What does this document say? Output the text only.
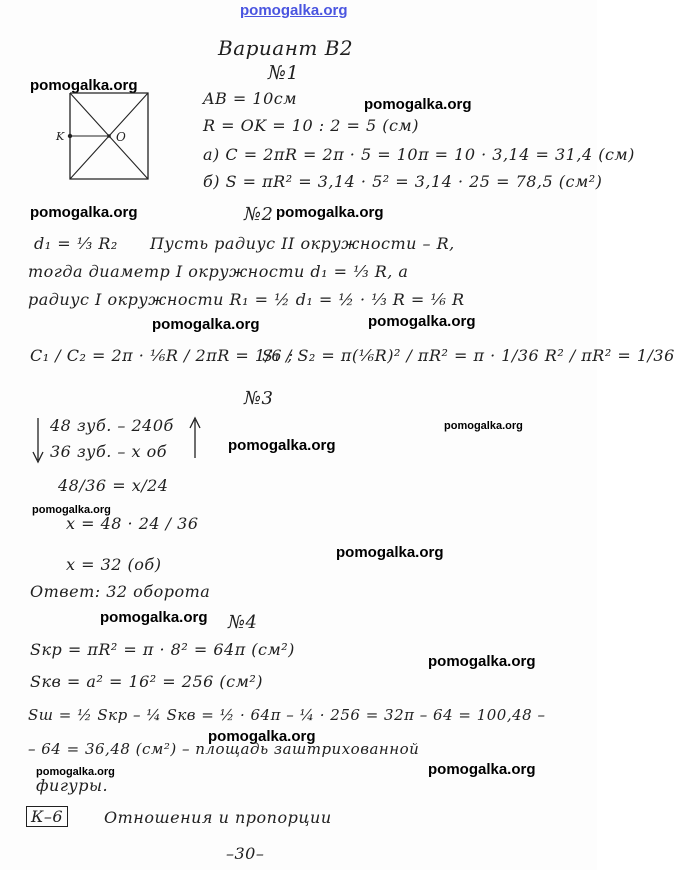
pomogalka.org
Вариант В2
№1
pomogalka.org
AB = 10см	pomogalka.org
R = OK = 10 : 2 = 5 (см)
а) C = 2πR = 2π · 5 = 10π = 10 · 3,14 = 31,4 (см)
б) S = πR² = 3,14 · 5² = 3,14 · 25 = 78,5 (см²)
K	O
pomogalka.org	№2 pomogalka.org
d₁ = ⅓ R₂ Пусть радиус II окружности – R,
тогда диаметр I окружности d₁ = ⅓ R, а
радиус I окружности R₁ = ½ d₁ = ½ · ⅓ R = ⅙ R
pomogalka.org	pomogalka.org
C₁ / C₂ = 2π · ⅙R / 2πR = 1/6 ;
S₁ / S₂ = π(⅙R)² / πR² = π · 1/36 R² / πR² = 1/36
№3
pomogalka.org
48 зуб. – 240б
36 зуб. – x об	pomogalka.org
48/36 = x/24
pomogalka.org
x = 48 · 24 / 36
pomogalka.org
x = 32 (об)
Ответ: 32 оборота
pomogalka.org №4
Sкр = πR² = π · 8² = 64π (см²)
pomogalka.org
Sкв = a² = 16² = 256 (см²)
Sш = ½ Sкр – ¼ Sкв = ½ · 64π – ¼ · 256 = 32π – 64 = 100,48 –
pomogalka.org
– 64 = 36,48 (см²) – площадь заштрихованной
pomogalka.org	pomogalka.org
фигуры.
К–6	Отношения и пропорции
–30–
